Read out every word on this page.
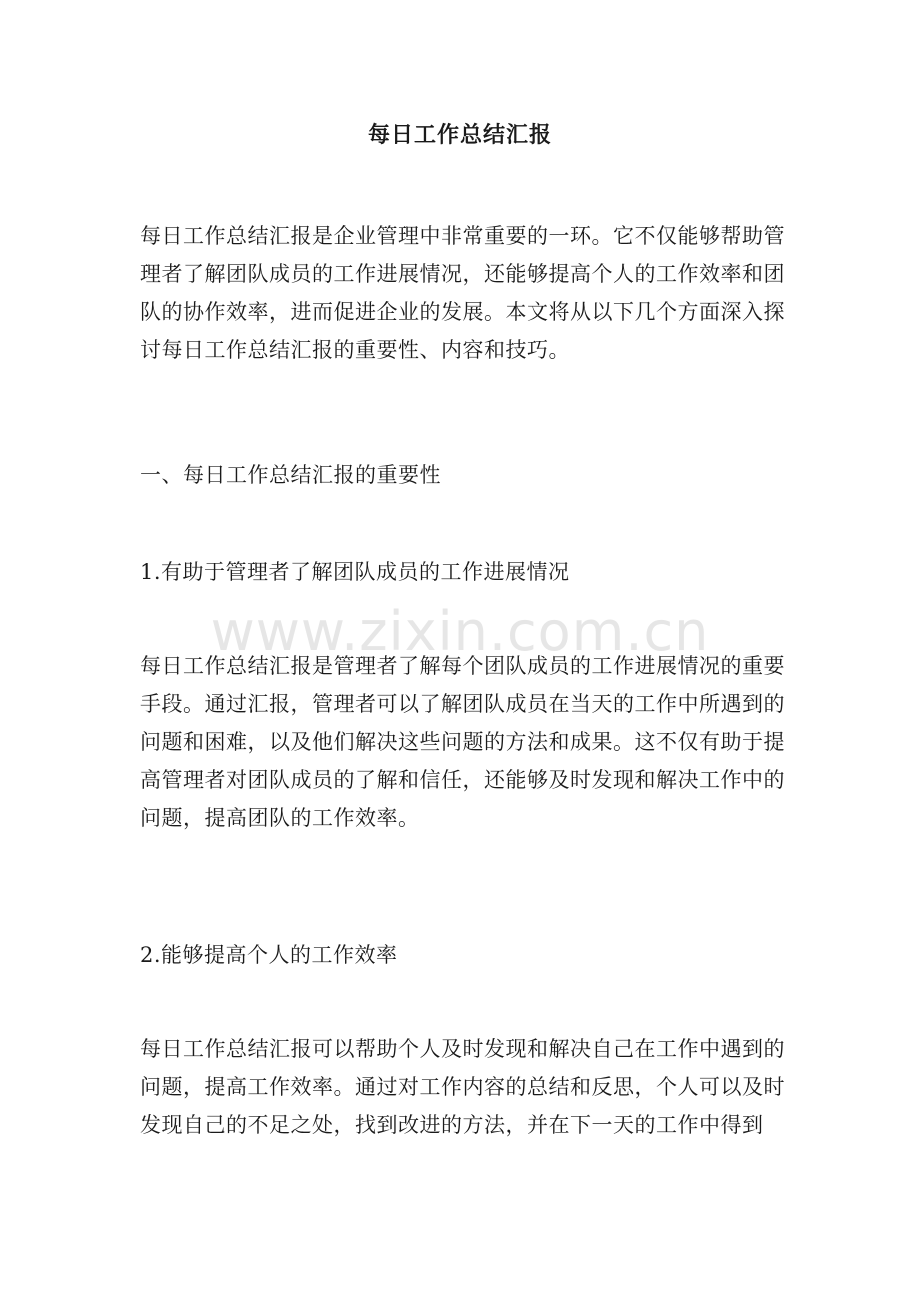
每日工作总结汇报
每日工作总结汇报是企业管理中非常重要的一环。它不仅能够帮助管理者了解团队成员的工作进展情况，还能够提高个人的工作效率和团队的协作效率，进而促进企业的发展。本文将从以下几个方面深入探讨每日工作总结汇报的重要性、内容和技巧。
一、每日工作总结汇报的重要性
1.有助于管理者了解团队成员的工作进展情况
每日工作总结汇报是管理者了解每个团队成员的工作进展情况的重要手段。通过汇报，管理者可以了解团队成员在当天的工作中所遇到的问题和困难，以及他们解决这些问题的方法和成果。这不仅有助于提高管理者对团队成员的了解和信任，还能够及时发现和解决工作中的问题，提高团队的工作效率。
2.能够提高个人的工作效率
每日工作总结汇报可以帮助个人及时发现和解决自己在工作中遇到的问题，提高工作效率。通过对工作内容的总结和反思，个人可以及时发现自己的不足之处，找到改进的方法，并在下一天的工作中得到
www.zixin.com.cn
